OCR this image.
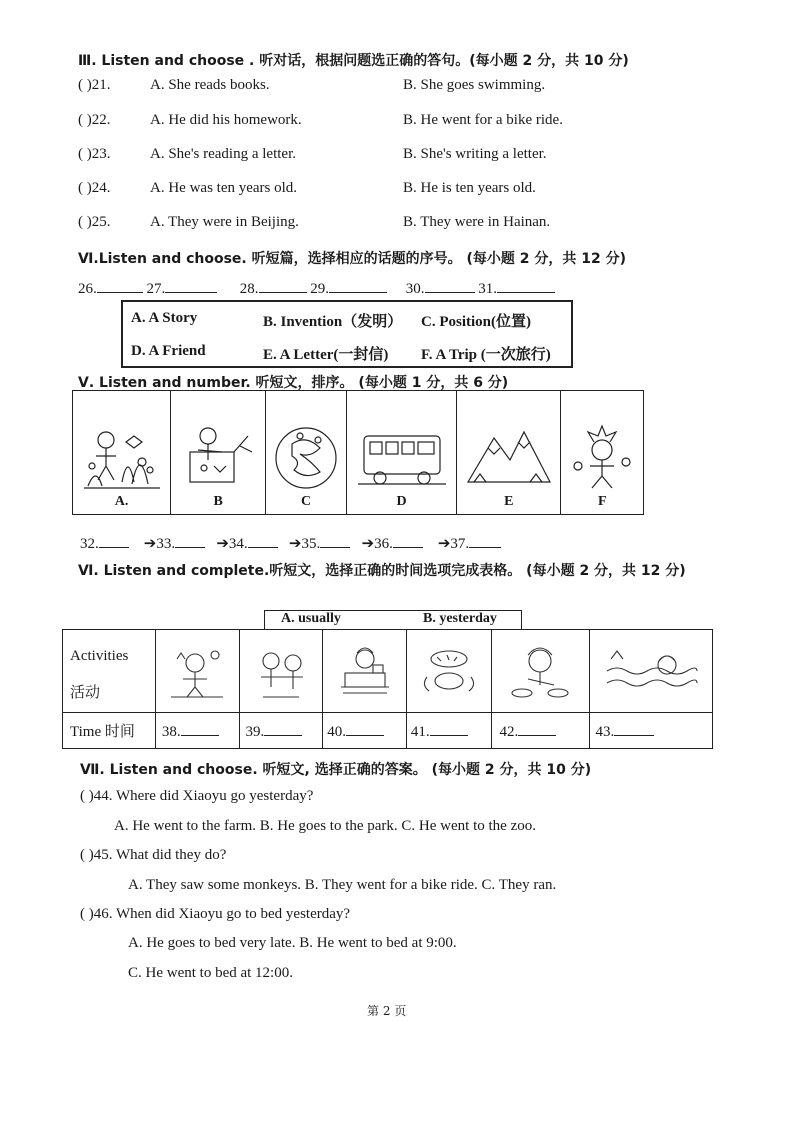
Ⅲ. Listen and choose . 听对话，根据问题选正确的答句。(每小题 2 分，共 10 分)
( )21.	A. She reads books.	B. She goes swimming.
( )22.	A. He did his homework.	B. He went for a bike ride.
( )23.	A. She's reading a letter.	B. She's writing a letter.
( )24.	A. He was ten years old.	B. He is ten years old.
( )25.	A. They were in Beijing.	B. They were in Hainan.
Ⅵ.Listen and choose. 听短篇，选择相应的话题的序号。 (每小题 2 分，共 12 分)
26.	27.	28.	29.	30.	31.
A. A Story	B. Invention（发明） C. Position(位置)
D. A Friend	E. A Letter(一封信) F. A Trip (一次旅行)
Ⅴ. Listen and number. 听短文，排序。 (每小题 1 分，共 6 分)
A.	B	C	D	E	F
32.	➔33.	➔34.	➔35.	➔36.	➔37.
Ⅵ. Listen and complete.听短文，选择正确的时间选项完成表格。 (每小题 2 分，共 12 分)
A. usually	B. yesterday
Activities
活动

Time 时间	38.	39.	40.	41.	42.	43.
Ⅶ. Listen and choose. 听短文, 选择正确的答案。 (每小题 2 分，共 10 分)
( )44. Where did Xiaoyu go yesterday?
A. He went to the farm. B. He goes to the park. C. He went to the zoo.
( )45. What did they do?
A. They saw some monkeys. B. They went for a bike ride. C. They ran.
( )46. When did Xiaoyu go to bed yesterday?
A. He goes to bed very late. B. He went to bed at 9:00.
C. He went to bed at 12:00.
第 2 页
